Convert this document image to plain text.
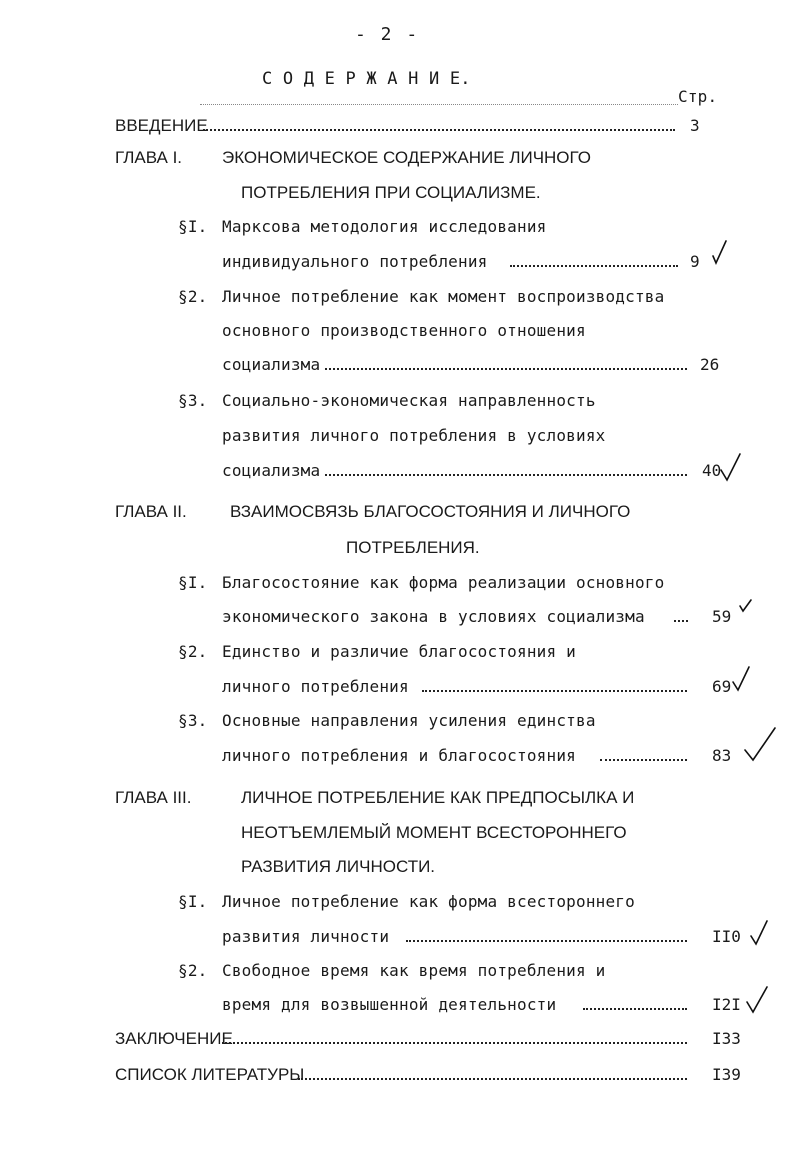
- 2 -
С О Д Е Р Ж А Н И Е.
Стр.
ВВЕДЕНИЕ	3
ГЛАВА I. ЭКОНОМИЧЕСКОЕ СОДЕРЖАНИЕ ЛИЧНОГО
ПОТРЕБЛЕНИЯ ПРИ СОЦИАЛИЗМЕ.
§I. Марксова методология исследования
индивидуального потребления	9
§2. Личное потребление как момент воспроизводства
основного производственного отношения
социализма	26
§3. Социально-экономическая направленность
развития личного потребления в условиях
социализма	40
ГЛАВА II.	ВЗАИМОСВЯЗЬ БЛАГОСОСТОЯНИЯ И ЛИЧНОГО
ПОТРЕБЛЕНИЯ.
§I. Благосостояние как форма реализации основного
экономического закона в условиях социализма	59
§2. Единство и различие благосостояния и
личного потребления	69
§3. Основные направления усиления единства
личного потребления и благосостояния	83
ГЛАВА III.	ЛИЧНОЕ ПОТРЕБЛЕНИЕ КАК ПРЕДПОСЫЛКА И
НЕОТЪЕМЛЕМЫЙ МОМЕНТ ВСЕСТОРОННЕГО
РАЗВИТИЯ ЛИЧНОСТИ.
§I. Личное потребление как форма всестороннего
развития личности	II0
§2. Свободное время как время потребления и
время для возвышенной деятельности	I2I
ЗАКЛЮЧЕНИЕ	I33
СПИСОК ЛИТЕРАТУРЫ	I39
